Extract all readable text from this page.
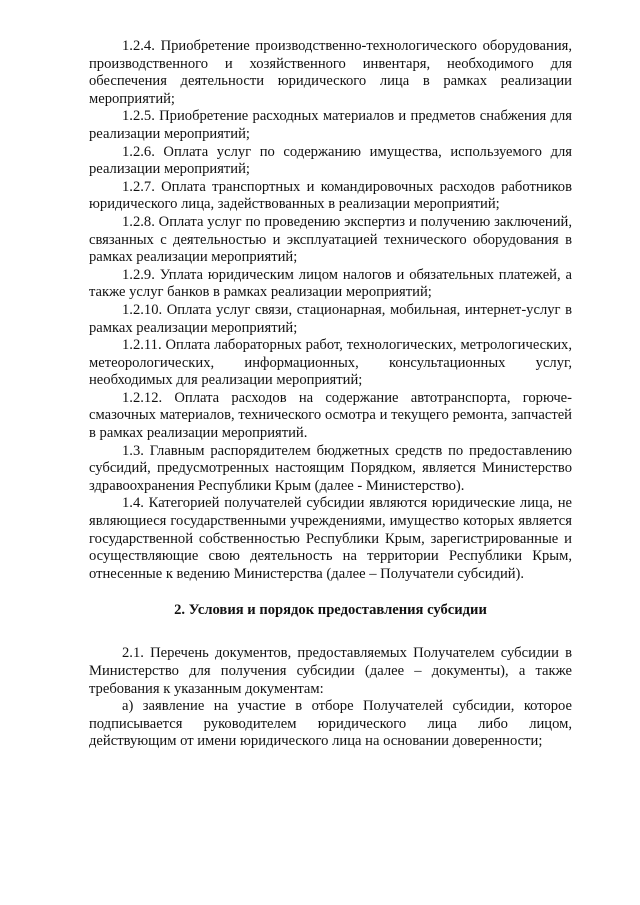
1.2.4. Приобретение производственно-технологического оборудования, производственного и хозяйственного инвентаря, необходимого для обеспечения деятельности юридического лица в рамках реализации мероприятий;

1.2.5. Приобретение расходных материалов и предметов снабжения для реализации мероприятий;

1.2.6. Оплата услуг по содержанию имущества, используемого для реализации мероприятий;

1.2.7. Оплата транспортных и командировочных расходов работников юридического лица, задействованных в реализации мероприятий;

1.2.8. Оплата услуг по проведению экспертиз и получению заключений, связанных с деятельностью и эксплуатацией технического оборудования в рамках реализации мероприятий;

1.2.9. Уплата юридическим лицом налогов и обязательных платежей, а также услуг банков в рамках реализации мероприятий;

1.2.10. Оплата услуг связи, стационарная, мобильная, интернет-услуг в рамках реализации мероприятий;

1.2.11. Оплата лабораторных работ, технологических, метрологических, метеорологических, информационных, консультационных услуг, необходимых для реализации мероприятий;

1.2.12. Оплата расходов на содержание автотранспорта, горюче-смазочных материалов, технического осмотра и текущего ремонта, запчастей в рамках реализации мероприятий.

1.3. Главным распорядителем бюджетных средств по предоставлению субсидий, предусмотренных настоящим Порядком, является Министерство здравоохранения Республики Крым (далее - Министерство).

1.4. Категорией получателей субсидии являются юридические лица, не являющиеся государственными учреждениями, имущество которых является государственной собственностью Республики Крым, зарегистрированные и осуществляющие свою деятельность на территории Республики Крым, отнесенные к ведению Министерства (далее – Получатели субсидий).

2. Условия и порядок предоставления субсидии

2.1. Перечень документов, предоставляемых Получателем субсидии в Министерство для получения субсидии (далее – документы), а также требования к указанным документам:

а) заявление на участие в отборе Получателей субсидии, которое подписывается руководителем юридического лица либо лицом, действующим от имени юридического лица на основании доверенности;
